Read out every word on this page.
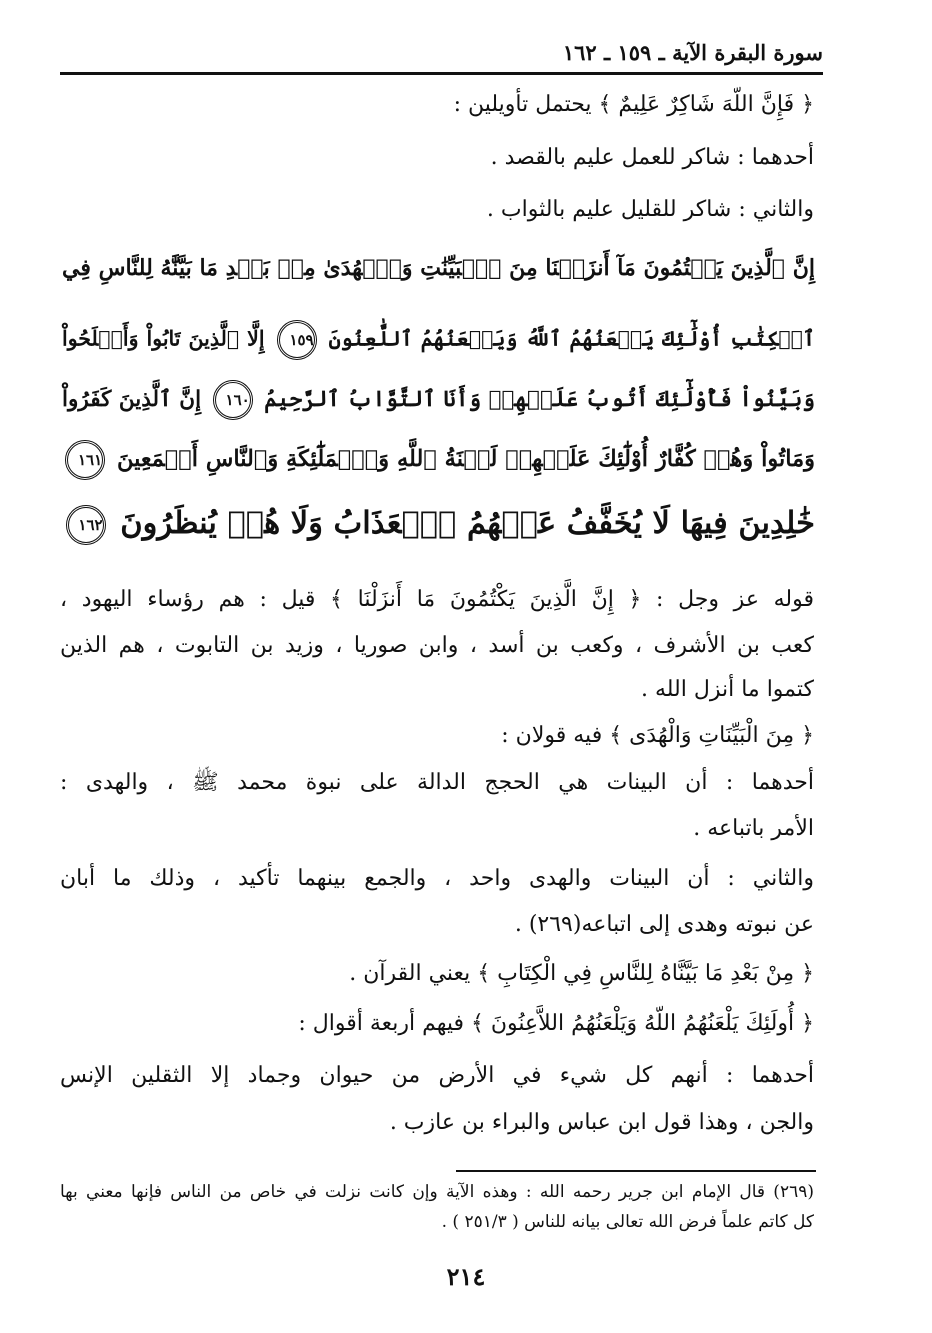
سورة البقرة الآية ـ ١٥٩ ـ ١٦٢
﴿ فَإِنَّ اللّهَ شَاكِرٌ عَلِيمٌ ﴾ يحتمل تأويلين :
أحدهما : شاكر للعمل عليم بالقصد .
والثاني : شاكر للقليل عليم بالثواب .
إِنَّ ٱلَّذِينَ يَكۡتُمُونَ مَآ أَنزَلۡنَا مِنَ ٱلۡبَيِّنَٰتِ وَٱلۡهُدَىٰ مِنۢ بَعۡدِ مَا بَيَّنَّٰهُ لِلنَّاسِ فِي
ٱلۡكِتَٰبِ أُوْلَٰٓئِكَ يَلۡعَنُهُمُ ٱللَّهُ وَيَلۡعَنُهُمُ ٱللَّٰعِنُونَ ١٥٩ إِلَّا ٱلَّذِينَ تَابُواْ وَأَصۡلَحُواْ
وَبَيَّنُواْ فَأُوْلَٰٓئِكَ أَتُوبُ عَلَيۡهِمۡ وَأَنَا ٱلتَّوَّابُ ٱلرَّحِيمُ ١٦٠ إِنَّ ٱلَّذِينَ كَفَرُواْ
وَمَاتُواْ وَهُمۡ كُفَّارٌ أُوْلَٰٓئِكَ عَلَيۡهِمۡ لَعۡنَةُ ٱللَّهِ وَٱلۡمَلَٰٓئِكَةِ وَٱلنَّاسِ أَجۡمَعِينَ ١٦١
خَٰلِدِينَ فِيهَا لَا يُخَفَّفُ عَنۡهُمُ ٱلۡعَذَابُ وَلَا هُمۡ يُنظَرُونَ ١٦٢
قوله عز وجل : ﴿ إِنَّ الَّذِينَ يَكْتُمُونَ مَا أَنزَلْنَا ﴾ قيل : هم رؤساء اليهود ،
كعب بن الأشرف ، وكعب بن أسد ، وابن صوريا ، وزيد بن التابوت ، هم الذين
كتموا ما أنزل الله .
﴿ مِنَ الْبَيِّنَاتِ وَالْهُدَى ﴾ فيه قولان :
أحدهما : أن البينات هي الحجج الدالة على نبوة محمد ﷺ ، والهدى :
الأمر باتباعه .
والثاني : أن البينات والهدى واحد ، والجمع بينهما تأكيد ، وذلك ما أبان
عن نبوته وهدى إلى اتباعه(٢٦٩) .
﴿ مِنْ بَعْدِ مَا بَيَّنَّاهُ لِلنَّاسِ فِي الْكِتَابِ ﴾ يعني القرآن .
﴿ أُولَئِكَ يَلْعَنُهُمُ اللّهُ وَيَلْعَنُهُمُ اللاَّعِنُونَ ﴾ فيهم أربعة أقوال :
أحدهما : أنهم كل شيء في الأرض من حيوان وجماد إلا الثقلين الإنس
والجن ، وهذا قول ابن عباس والبراء بن عازب .
(٢٦٩) قال الإمام ابن جرير رحمه الله : وهذه الآية وإن كانت نزلت في خاص من الناس فإنها معني بها
كل كاتم علماً فرض الله تعالى بيانه للناس ( ٢٥١/٣ ) .
٢١٤
